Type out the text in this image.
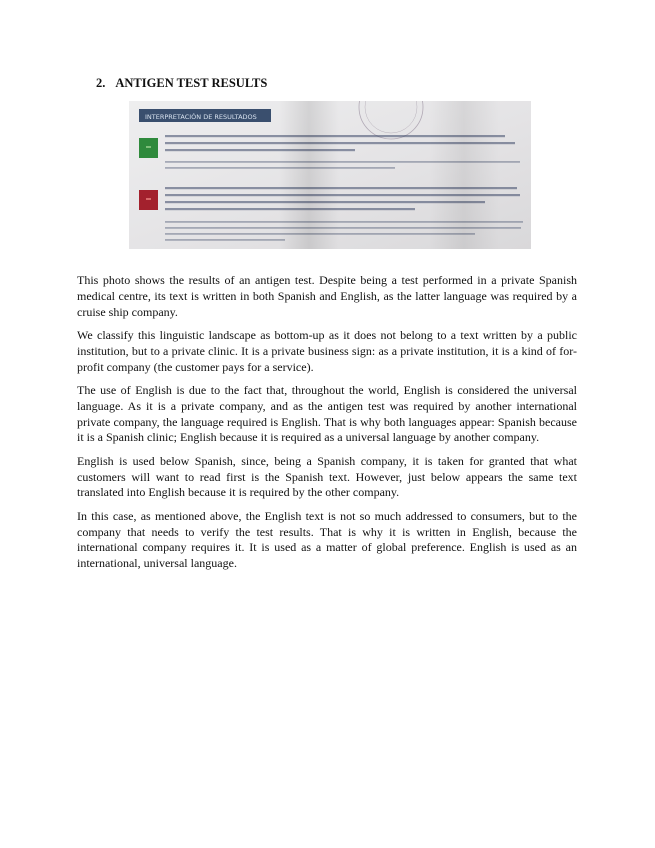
2. ANTIGEN TEST RESULTS
INTERPRETACIÓN DE RESULTADOS

This photo shows the results of an antigen test. Despite being a test performed in a private Spanish medical centre, its text is written in both Spanish and English, as the latter language was required by a cruise ship company.

We classify this linguistic landscape as bottom-up as it does not belong to a text written by a public institution, but to a private clinic. It is a private business sign: as a private institution, it is a kind of for-profit company (the customer pays for a service).

The use of English is due to the fact that, throughout the world, English is considered the universal language. As it is a private company, and as the antigen test was required by another international private company, the language required is English. That is why both languages appear: Spanish because it is a Spanish clinic; English because it is required as a universal language by another company.

English is used below Spanish, since, being a Spanish company, it is taken for granted that what customers will want to read first is the Spanish text. However, just below appears the same text translated into English because it is required by the other company.

In this case, as mentioned above, the English text is not so much addressed to consumers, but to the company that needs to verify the test results. That is why it is written in English, because the international company requires it. It is used as a matter of global preference. English is used as an international, universal language.
